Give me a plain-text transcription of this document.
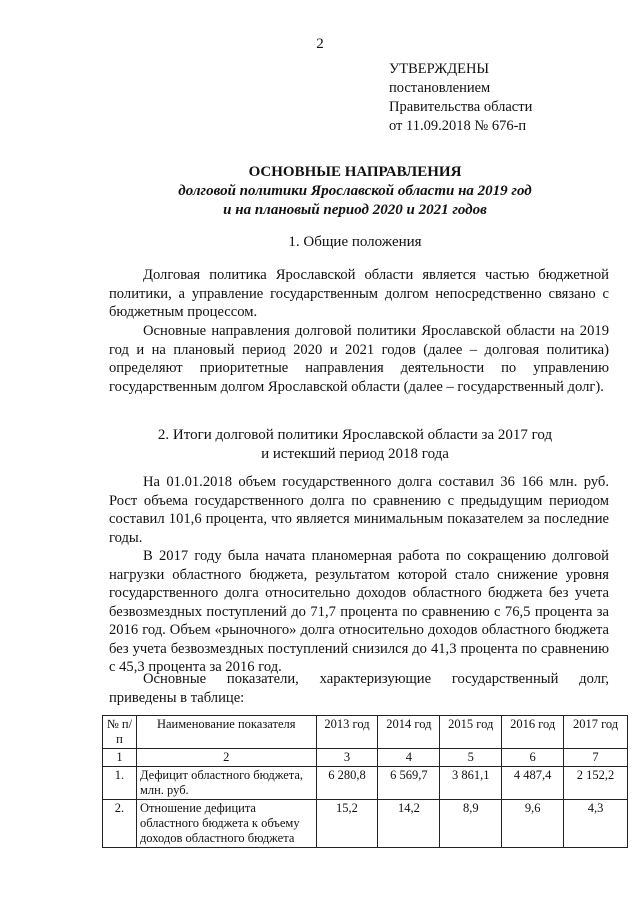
2
УТВЕРЖДЕНЫ
постановлением
Правительства области
от 11.09.2018 № 676-п
ОСНОВНЫЕ НАПРАВЛЕНИЯ
долговой политики Ярославской области на 2019 год
и на плановый период 2020 и 2021 годов
1. Общие положения
Долговая политика Ярославской области является частью бюджетной политики, а управление государственным долгом непосредственно связано с бюджетным процессом.
Основные направления долговой политики Ярославской области на 2019 год и на плановый период 2020 и 2021 годов (далее – долговая политика) определяют приоритетные направления деятельности по управлению государственным долгом Ярославской области (далее – государственный долг).
2. Итоги долговой политики Ярославской области за 2017 год
и истекший период 2018 года
На 01.01.2018 объем государственного долга составил 36 166 млн. руб. Рост объема государственного долга по сравнению с предыдущим периодом составил 101,6 процента, что является минимальным показателем за последние годы.
В 2017 году была начата планомерная работа по сокращению долговой нагрузки областного бюджета, результатом которой стало снижение уровня государственного долга относительно доходов областного бюджета без учета безвозмездных поступлений до 71,7 процента по сравнению с 76,5 процента за 2016 год. Объем «рыночного» долга относительно доходов областного бюджета без учета безвозмездных поступлений снизился до 41,3 процента по сравнению с 45,3 процента за 2016 год.
Основные показатели, характеризующие государственный долг, приведены в таблице:
№ п/п	Наименование показателя	2013 год	2014 год	2015 год	2016 год	2017 год
1	2	3	4	5	6	7
1.	Дефицит областного бюджета, млн. руб.	6 280,8	6 569,7	3 861,1	4 487,4	2 152,2
2.	Отношение дефицита областного бюджета к объему доходов областного бюджета	15,2	14,2	8,9	9,6	4,3
